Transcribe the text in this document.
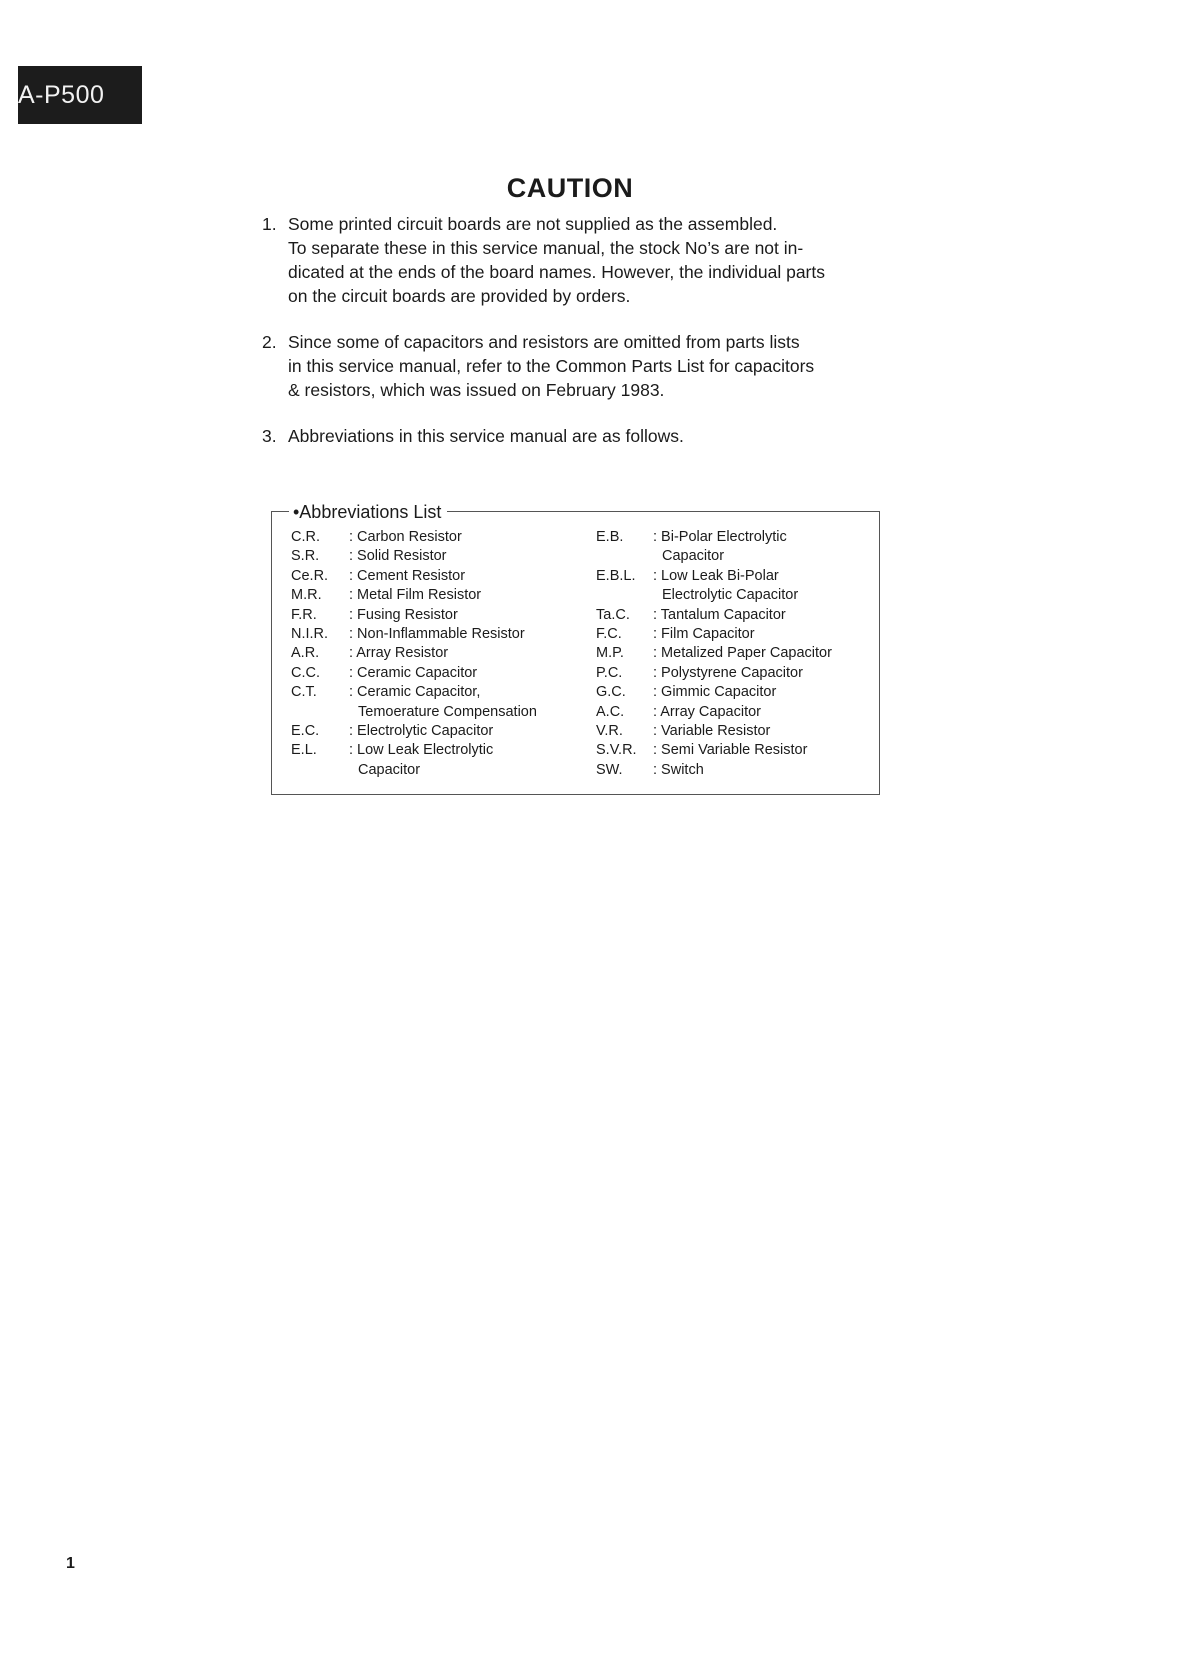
A-P500
CAUTION
1. Some printed circuit boards are not supplied as the assembled.
To separate these in this service manual, the stock No’s are not in-
dicated at the ends of the board names. However, the individual parts
on the circuit boards are provided by orders.
2. Since some of capacitors and resistors are omitted from parts lists
in this service manual, refer to the Common Parts List for capacitors
& resistors, which was issued on February 1983.
3. Abbreviations in this service manual are as follows.
•Abbreviations List
C.R.	: Carbon Resistor
S.R.	: Solid Resistor
Ce.R.	: Cement Resistor
M.R.	: Metal Film Resistor
F.R.	: Fusing Resistor
N.I.R.	: Non-Inflammable Resistor
A.R.	: Array Resistor
C.C.	: Ceramic Capacitor
C.T.	: Ceramic Capacitor,
Temoerature Compensation
E.C.	: Electrolytic Capacitor
E.L.	: Low Leak Electrolytic
Capacitor
E.B.	: Bi-Polar Electrolytic
Capacitor
E.B.L.	: Low Leak Bi-Polar
Electrolytic Capacitor
Ta.C.	: Tantalum Capacitor
F.C.	: Film Capacitor
M.P.	: Metalized Paper Capacitor
P.C.	: Polystyrene Capacitor
G.C.	: Gimmic Capacitor
A.C.	: Array Capacitor
V.R.	: Variable Resistor
S.V.R.	: Semi Variable Resistor
SW.	: Switch
1
